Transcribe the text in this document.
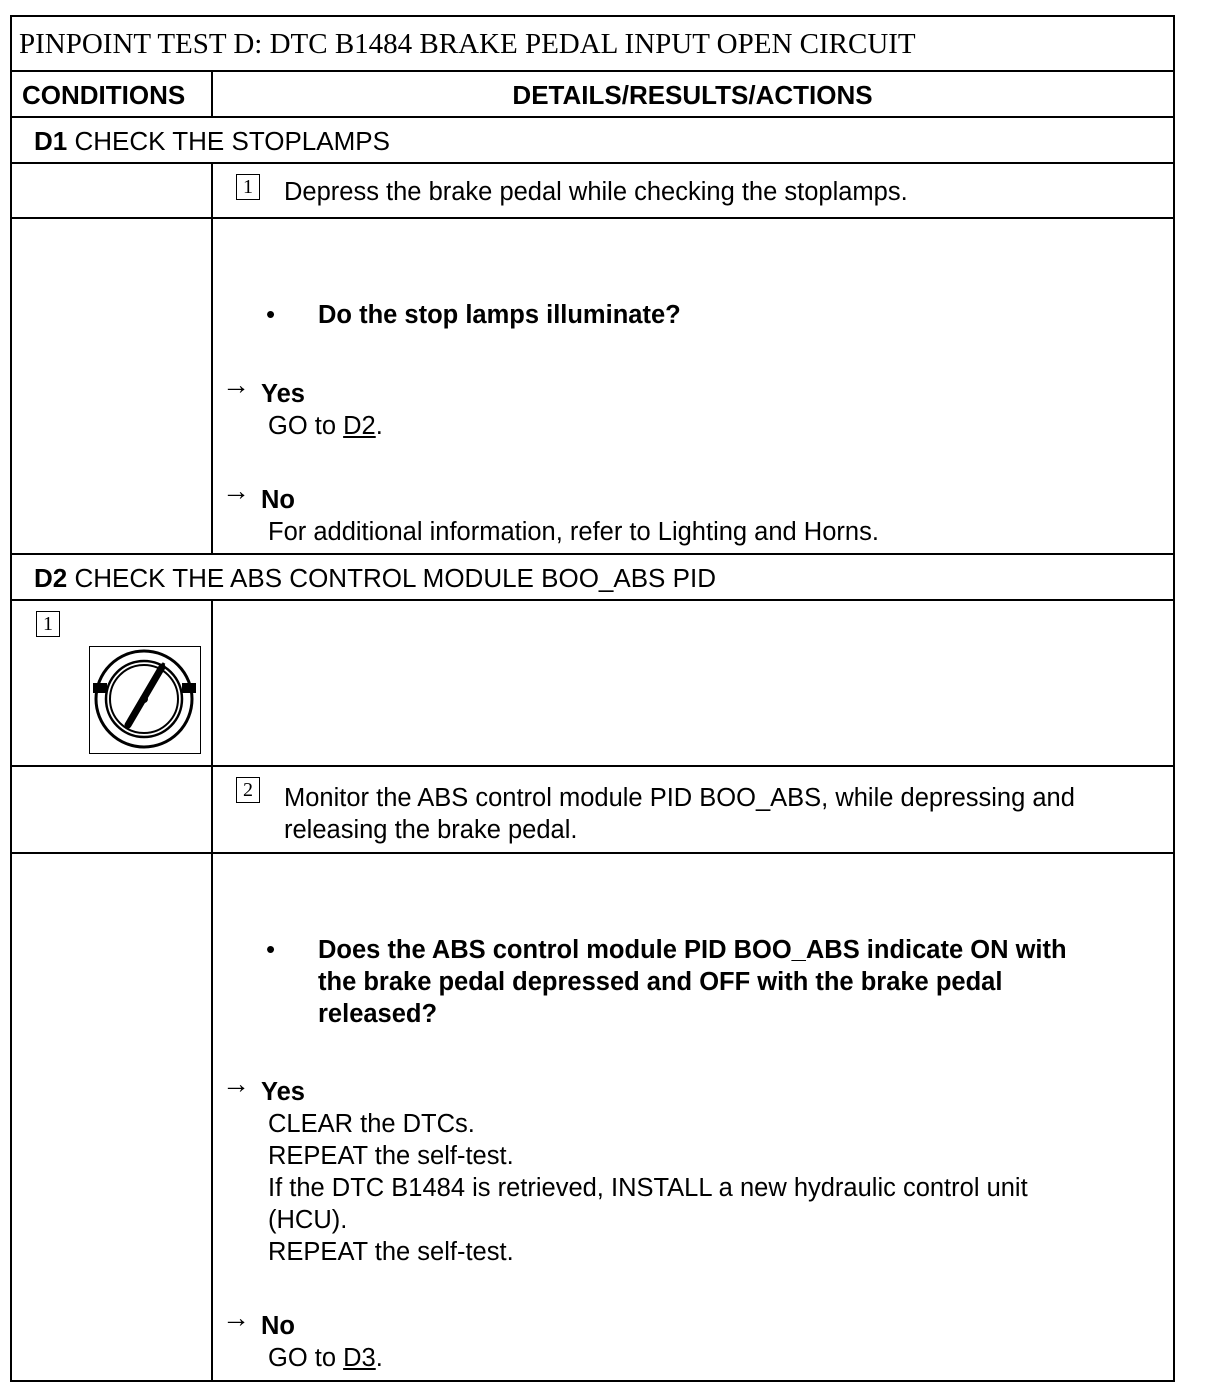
PINPOINT TEST D: DTC B1484 BRAKE PEDAL INPUT OPEN CIRCUIT
CONDITIONS	DETAILS/RESULTS/ACTIONS
D1 CHECK THE STOPLAMPS
1 Depress the brake pedal while checking the stoplamps.
• Do the stop lamps illuminate?
→ Yes
GO to D2.
→ No
For additional information, refer to Lighting and Horns.
D2 CHECK THE ABS CONTROL MODULE BOO_ABS PID
1
2 Monitor the ABS control module PID BOO_ABS, while depressing and
releasing the brake pedal.
• Does the ABS control module PID BOO_ABS indicate ON with
the brake pedal depressed and OFF with the brake pedal
released?
→ Yes
CLEAR the DTCs.
REPEAT the self-test.
If the DTC B1484 is retrieved, INSTALL a new hydraulic control unit
(HCU).
REPEAT the self-test.
→ No
GO to D3.
